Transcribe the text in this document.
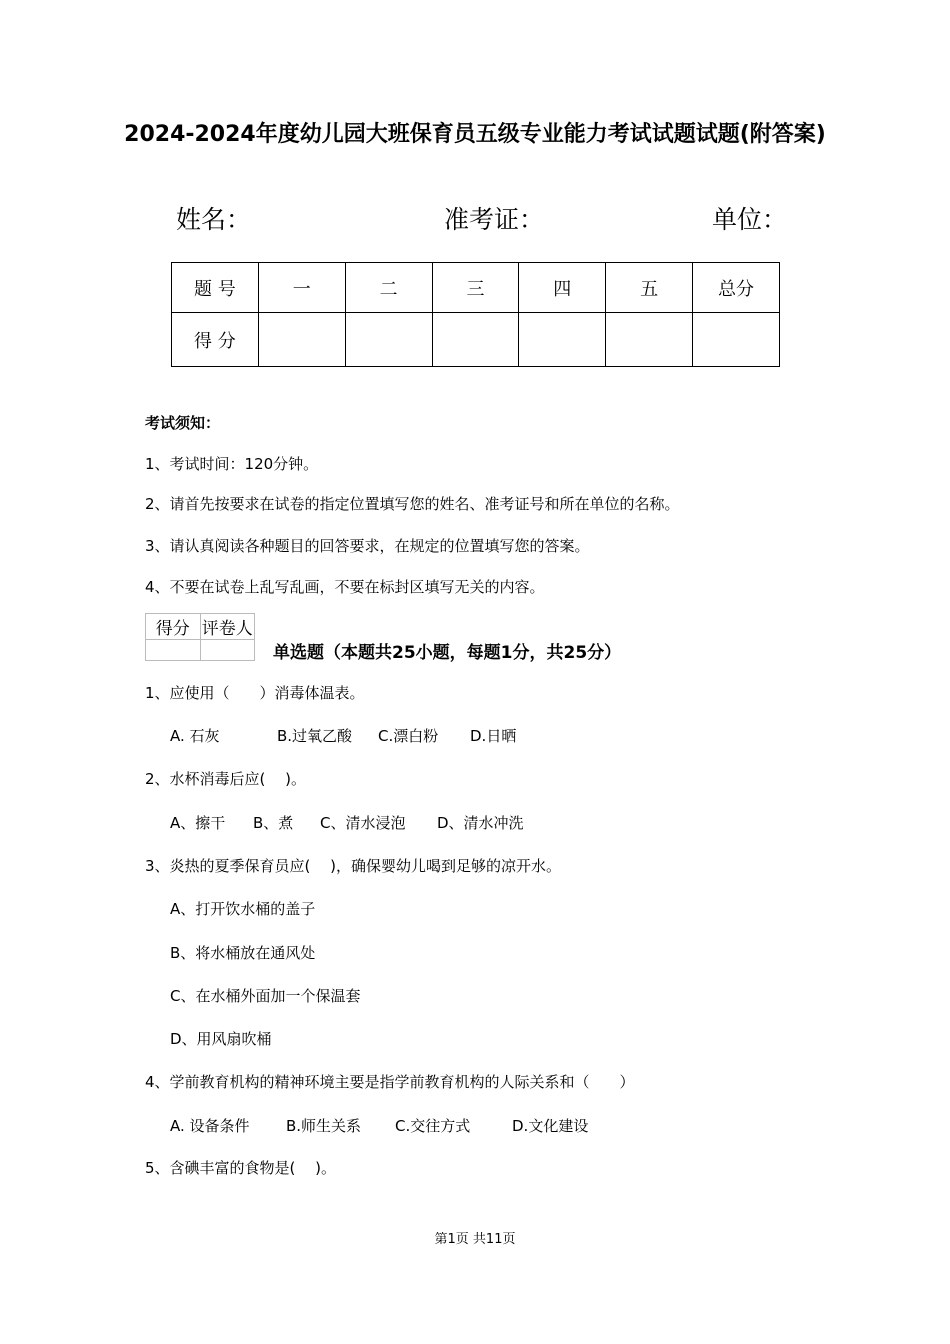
2024-2024年度幼儿园大班保育员五级专业能力考试试题试题(附答案)
姓名：	准考证：	单位：
题 号	一	二	三	四	五	总分
得 分						
考试须知：
1、考试时间：120分钟。
2、请首先按要求在试卷的指定位置填写您的姓名、准考证号和所在单位的名称。
3、请认真阅读各种题目的回答要求，在规定的位置填写您的答案。
4、不要在试卷上乱写乱画，不要在标封区填写无关的内容。
得分	评卷人

单选题（本题共25小题，每题1分，共25分）
1、应使用（　　）消毒体温表。
A. 石灰	B.过氧乙酸 C.漂白粉 D.日晒
2、水杯消毒后应(　 )。
A、擦干 B、煮 C、清水浸泡 D、清水冲洗
3、炎热的夏季保育员应(　 )，确保婴幼儿喝到足够的凉开水。
A、打开饮水桶的盖子
B、将水桶放在通风处
C、在水桶外面加一个保温套
D、用风扇吹桶
4、学前教育机构的精神环境主要是指学前教育机构的人际关系和（　　）
A. 设备条件 B.师生关系 C.交往方式	D.文化建设
5、含碘丰富的食物是(　 )。
第1页 共11页
